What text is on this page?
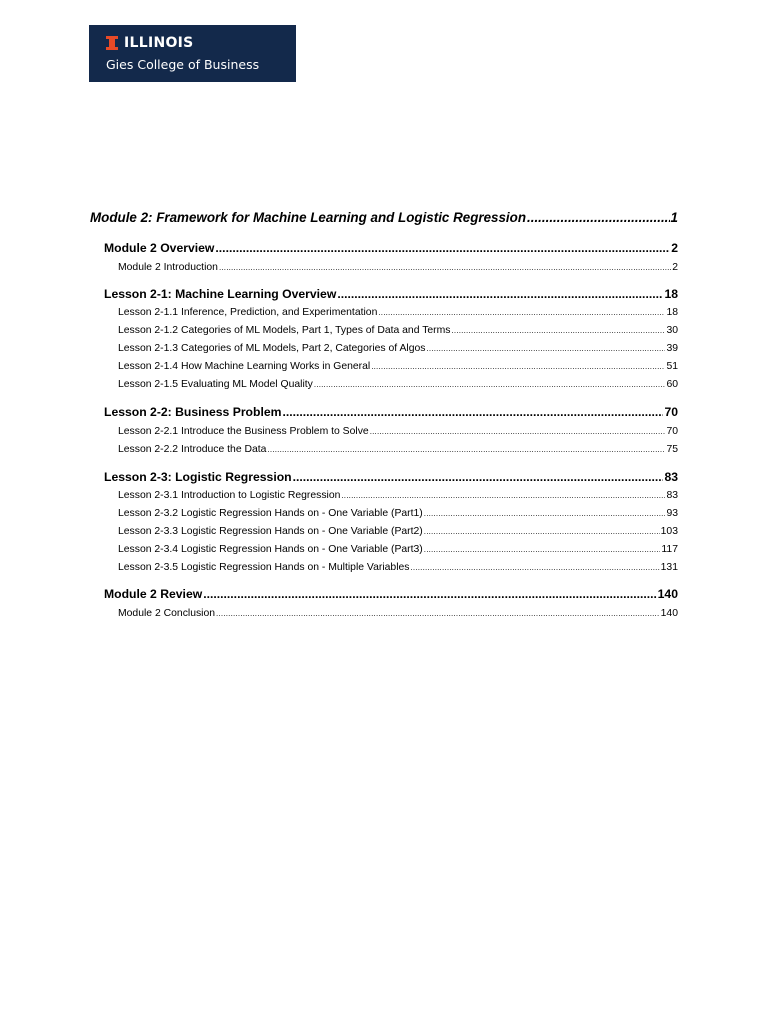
ILLINOIS
Gies College of Business
Module 2: Framework for Machine Learning and Logistic Regression .....	1
Module 2 Overview .....	2
Module 2 Introduction .....	2
Lesson 2-1: Machine Learning Overview .....	18
Lesson 2-1.1 Inference, Prediction, and Experimentation .....	18
Lesson 2-1.2 Categories of ML Models, Part 1, Types of Data and Terms .....	30
Lesson 2-1.3 Categories of ML Models, Part 2, Categories of Algos .....	39
Lesson 2-1.4 How Machine Learning Works in General .....	51
Lesson 2-1.5 Evaluating ML Model Quality .....	60
Lesson 2-2: Business Problem .....	70
Lesson 2-2.1 Introduce the Business Problem to Solve .....	70
Lesson 2-2.2 Introduce the Data .....	75
Lesson 2-3: Logistic Regression .....	83
Lesson 2-3.1 Introduction to Logistic Regression .....	83
Lesson 2-3.2 Logistic Regression Hands on - One Variable (Part1) .....	93
Lesson 2-3.3 Logistic Regression Hands on - One Variable (Part2) .....	103
Lesson 2-3.4 Logistic Regression Hands on - One Variable (Part3) .....	117
Lesson 2-3.5 Logistic Regression Hands on - Multiple Variables .....	131
Module 2 Review .....	140
Module 2 Conclusion .....	140
